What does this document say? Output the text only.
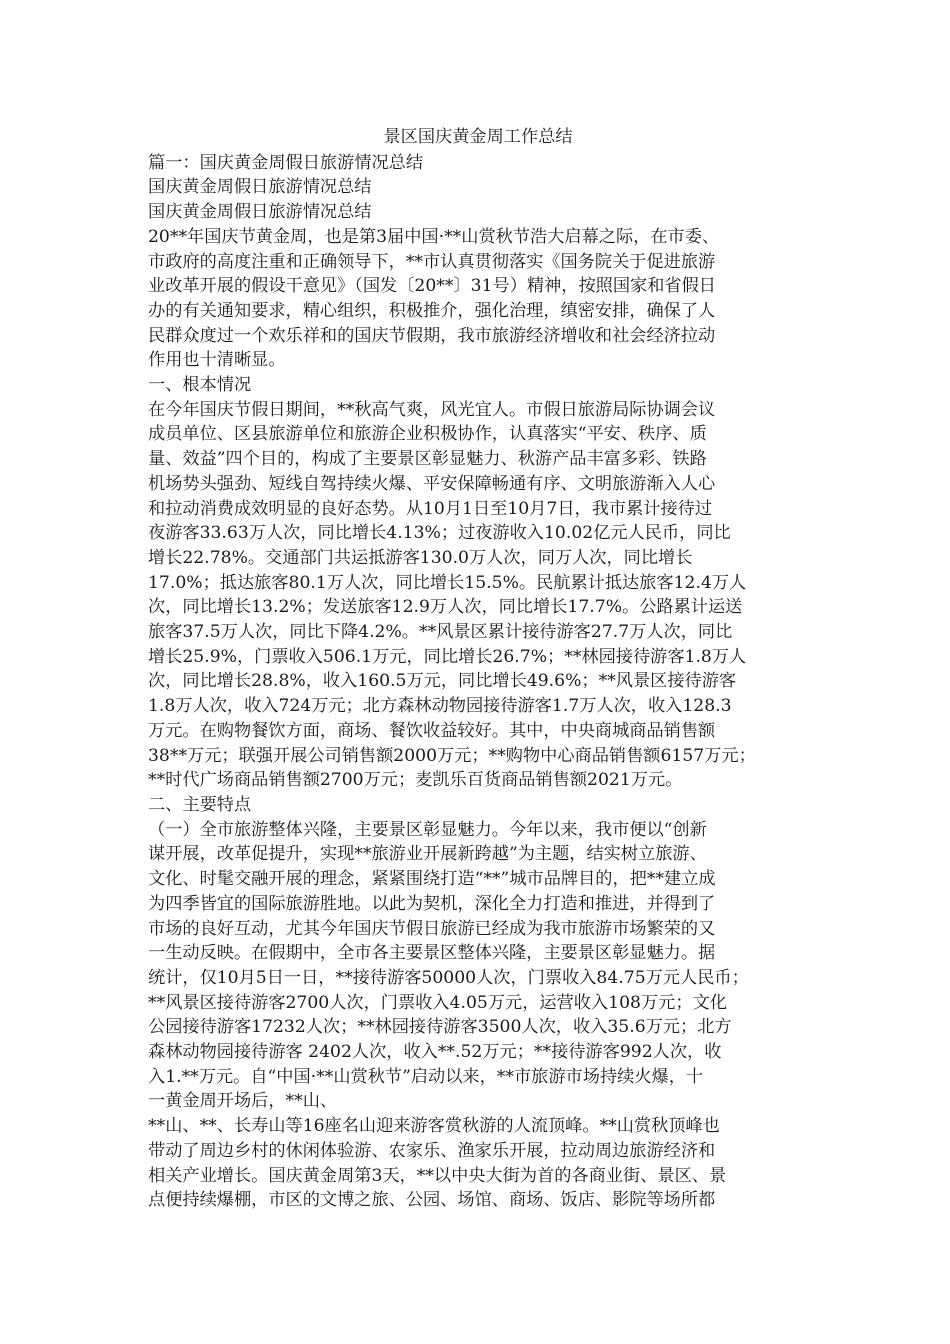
景区国庆黄金周工作总结
篇一：国庆黄金周假日旅游情况总结
国庆黄金周假日旅游情况总结
国庆黄金周假日旅游情况总结
20**年国庆节黄金周，也是第3届中国·**山赏秋节浩大启幕之际，在市委、
市政府的高度注重和正确领导下，**市认真贯彻落实《国务院关于促进旅游
业改革开展的假设干意见》（国发〔20**〕31号）精神，按照国家和省假日
办的有关通知要求，精心组织，积极推介，强化治理，缜密安排，确保了人
民群众度过一个欢乐祥和的国庆节假期，我市旅游经济增收和社会经济拉动
作用也十清晰显。
一、根本情况
在今年国庆节假日期间，**秋高气爽，风光宜人。市假日旅游局际协调会议
成员单位、区县旅游单位和旅游企业积极协作，认真落实“平安、秩序、质
量、效益”四个目的，构成了主要景区彰显魅力、秋游产品丰富多彩、铁路
机场势头强劲、短线自驾持续火爆、平安保障畅通有序、文明旅游渐入人心
和拉动消费成效明显的良好态势。从10月1日至10月7日，我市累计接待过
夜游客33.63万人次，同比增长4.13%；过夜游收入10.02亿元人民币，同比
增长22.78%。交通部门共运抵游客130.0万人次，同万人次，同比增长
17.0%；抵达旅客80.1万人次，同比增长15.5%。民航累计抵达旅客12.4万人
次，同比增长13.2%；发送旅客12.9万人次，同比增长17.7%。公路累计运送
旅客37.5万人次，同比下降4.2%。**风景区累计接待游客27.7万人次，同比
增长25.9%，门票收入506.1万元，同比增长26.7%；**林园接待游客1.8万人
次，同比增长28.8%，收入160.5万元，同比增长49.6%；**风景区接待游客
1.8万人次，收入724万元；北方森林动物园接待游客1.7万人次，收入128.3
万元。在购物餐饮方面，商场、餐饮收益较好。其中，中央商城商品销售额
38**万元；联强开展公司销售额2000万元；**购物中心商品销售额6157万元；
**时代广场商品销售额2700万元；麦凯乐百货商品销售额2021万元。
二、主要特点
（一）全市旅游整体兴隆，主要景区彰显魅力。今年以来，我市便以“创新
谋开展，改革促提升，实现**旅游业开展新跨越”为主题，结实树立旅游、
文化、时髦交融开展的理念，紧紧围绕打造“**”城市品牌目的，把**建立成
为四季皆宜的国际旅游胜地。以此为契机，深化全力打造和推进，并得到了
市场的良好互动，尤其今年国庆节假日旅游已经成为我市旅游市场繁荣的又
一生动反映。在假期中，全市各主要景区整体兴隆，主要景区彰显魅力。据
统计，仅10月5日一日，**接待游客50000人次，门票收入84.75万元人民币；
**风景区接待游客2700人次，门票收入4.05万元，运营收入108万元；文化
公园接待游客17232人次；**林园接待游客3500人次，收入35.6万元；北方
森林动物园接待游客 2402人次，收入**.52万元；**接待游客992人次，收
入1.**万元。自“中国·**山赏秋节”启动以来，**市旅游市场持续火爆，十
一黄金周开场后，**山、
**山、**、长寿山等16座名山迎来游客赏秋游的人流顶峰。**山赏秋顶峰也
带动了周边乡村的休闲体验游、农家乐、渔家乐开展，拉动周边旅游经济和
相关产业增长。国庆黄金周第3天，**以中央大街为首的各商业街、景区、景
点便持续爆棚，市区的文博之旅、公园、场馆、商场、饭店、影院等场所都
